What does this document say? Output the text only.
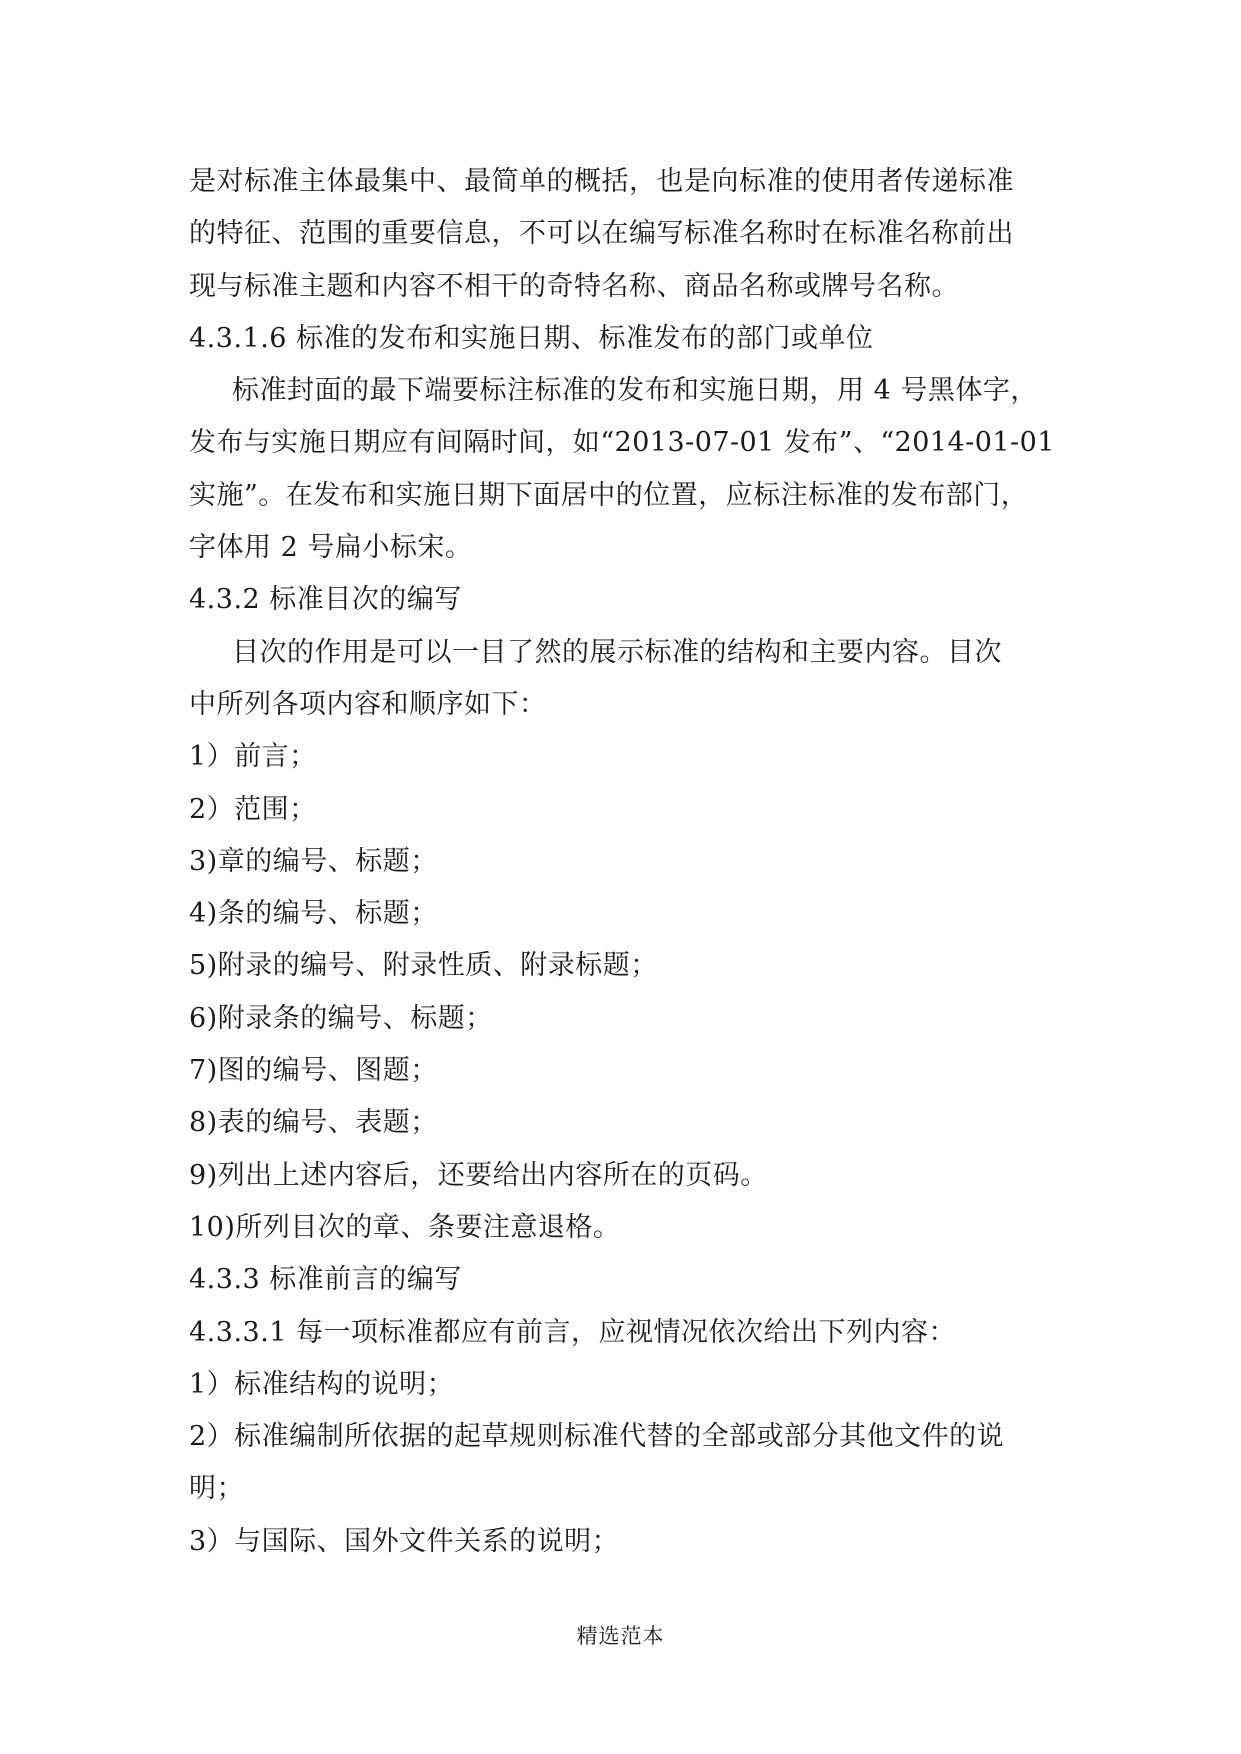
是对标准主体最集中、最简单的概括，也是向标准的使用者传递标准
的特征、范围的重要信息，不可以在编写标准名称时在标准名称前出
现与标准主题和内容不相干的奇特名称、商品名称或牌号名称。
4.3.1.6 标准的发布和实施日期、标准发布的部门或单位
标准封面的最下端要标注标准的发布和实施日期，用 4 号黑体字，
发布与实施日期应有间隔时间，如“2013-07-01 发布”、“2014-01-01
实施”。在发布和实施日期下面居中的位置，应标注标准的发布部门，
字体用 2 号扁小标宋。
4.3.2 标准目次的编写
目次的作用是可以一目了然的展示标准的结构和主要内容。目次
中所列各项内容和顺序如下：
1）前言；
2）范围；
3)章的编号、标题；
4)条的编号、标题；
5)附录的编号、附录性质、附录标题；
6)附录条的编号、标题；
7)图的编号、图题；
8)表的编号、表题；
9)列出上述内容后，还要给出内容所在的页码。
10)所列目次的章、条要注意退格。
4.3.3 标准前言的编写
4.3.3.1 每一项标准都应有前言，应视情况依次给出下列内容：
1）标准结构的说明；
2）标准编制所依据的起草规则标准代替的全部或部分其他文件的说
明；
3）与国际、国外文件关系的说明；
精选范本
